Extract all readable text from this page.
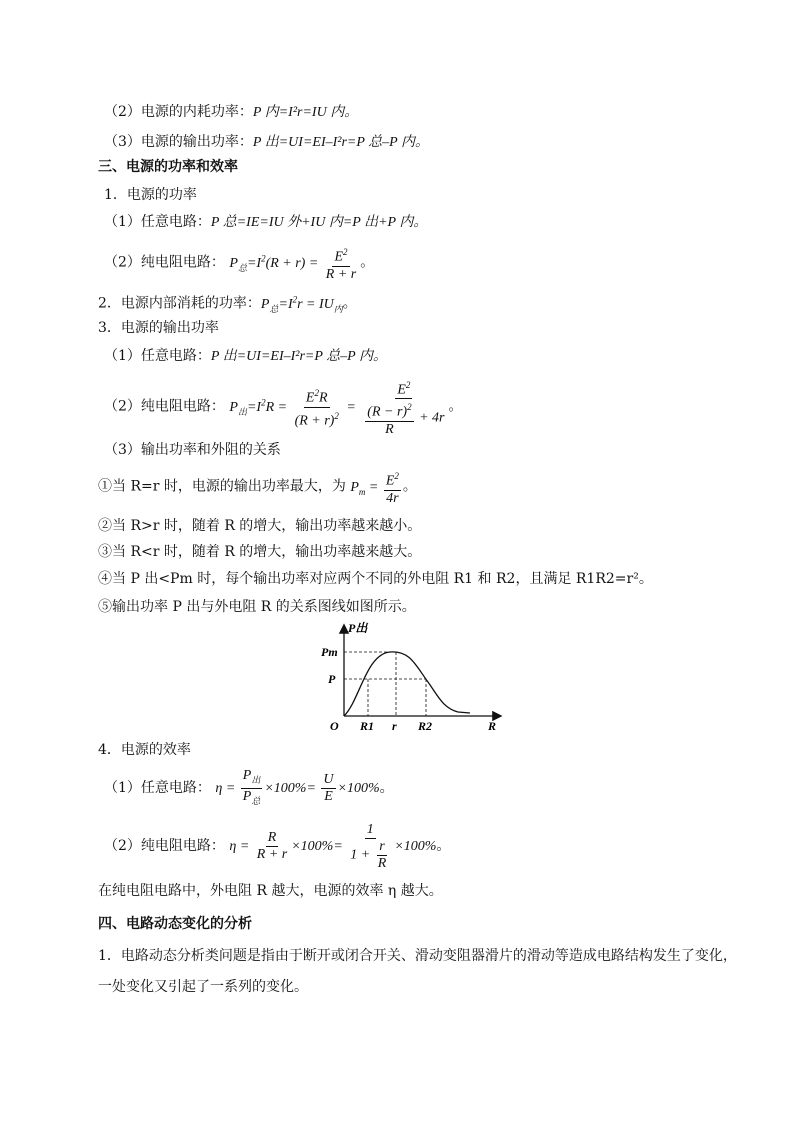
（2）电源的内耗功率：P 内=I²r=IU 内。
（3）电源的输出功率：P 出=UI=EI–I²r=P 总–P 内。
三、电源的功率和效率
1．电源的功率
（1）任意电路：P 总=IE=IU 外+IU 内=P 出+P 内。
（2）纯电阻电路： $P_总=I^2(R + r) = \frac{E^2}{R + r}$ 。
2．电源内部消耗的功率：$P_总=I^2r = IU_内$。
3．电源的输出功率
（1）任意电路：P 出=UI=EI–I²r=P 总–P 内。
（2）纯电阻电路： $P_出=I^2R = \frac{E^2R}{(R + r)^2} = \frac{E^2}{\frac{(R - r)^2}{R} + 4r}$ 。
（3）输出功率和外阻的关系
①当 R=r 时，电源的输出功率最大，为 $P_m = \frac{E^2}{4r}$ 。
②当 R>r 时，随着 R 的增大，输出功率越来越小。
③当 R<r 时，随着 R 的增大，输出功率越来越大。
④当 P 出<Pm 时，每个输出功率对应两个不同的外电阻 R1 和 R2，且满足 R1R2=r²。
⑤输出功率 P 出与外电阻 R 的关系图线如图所示。
P出
Pm
P
O R1 r R2	R
4．电源的效率
（1）任意电路： $\eta = \frac{P_出}{P_总} \times 100\%= \frac{U}{E} \times 100\%$。
（2）纯电阻电路： $\eta = \frac{R}{R + r} \times 100\%= \frac{1}{1 + \frac{r}{R}} \times 100\%$。
在纯电阻电路中，外电阻 R 越大，电源的效率 η 越大。
四、电路动态变化的分析
1．电路动态分析类问题是指由于断开或闭合开关、滑动变阻器滑片的滑动等造成电路结构发生了变化，一处变化又引起了一系列的变化。
